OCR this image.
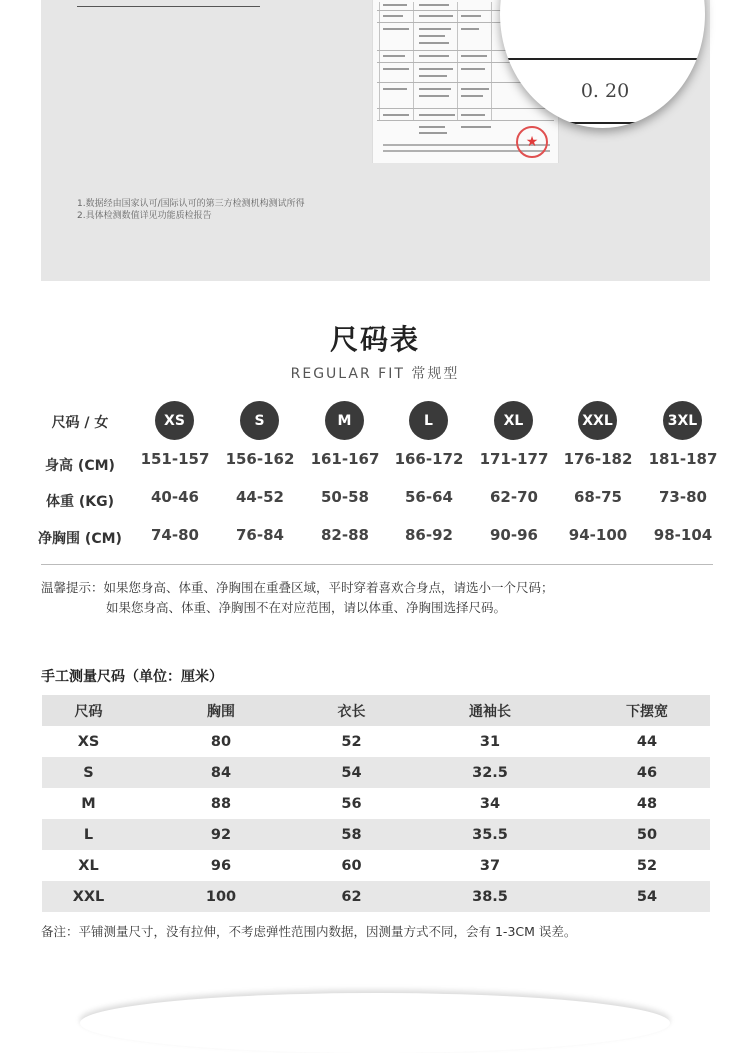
★
1.数据经由国家认可/国际认可的第三方检测机构测试所得
2.具体检测数值详见功能质检报告
0. 20
尺码表
REGULAR FIT 常规型
尺码 / 女	XS	S	M	L	XL	XXL	3XL
身高 (CM)	151-157	156-162	161-167	166-172	171-177	176-182	181-187
体重 (KG)	40-46	44-52	50-58	56-64	62-70	68-75	73-80
净胸围 (CM)	74-80	76-84	82-88	86-92	90-96	94-100	98-104
温馨提示：如果您身高、体重、净胸围在重叠区域，平时穿着喜欢合身点，请选小一个尺码；
如果您身高、体重、净胸围不在对应范围，请以体重、净胸围选择尺码。
手工测量尺码（单位：厘米）
尺码	胸围	衣长	通袖长	下摆宽
XS	80	52	31	44
S	84	54	32.5	46
M	88	56	34	48
L	92	58	35.5	50
XL	96	60	37	52
XXL	100	62	38.5	54
备注：平铺测量尺寸，没有拉伸，不考虑弹性范围内数据，因测量方式不同，会有 1-3CM 误差。
